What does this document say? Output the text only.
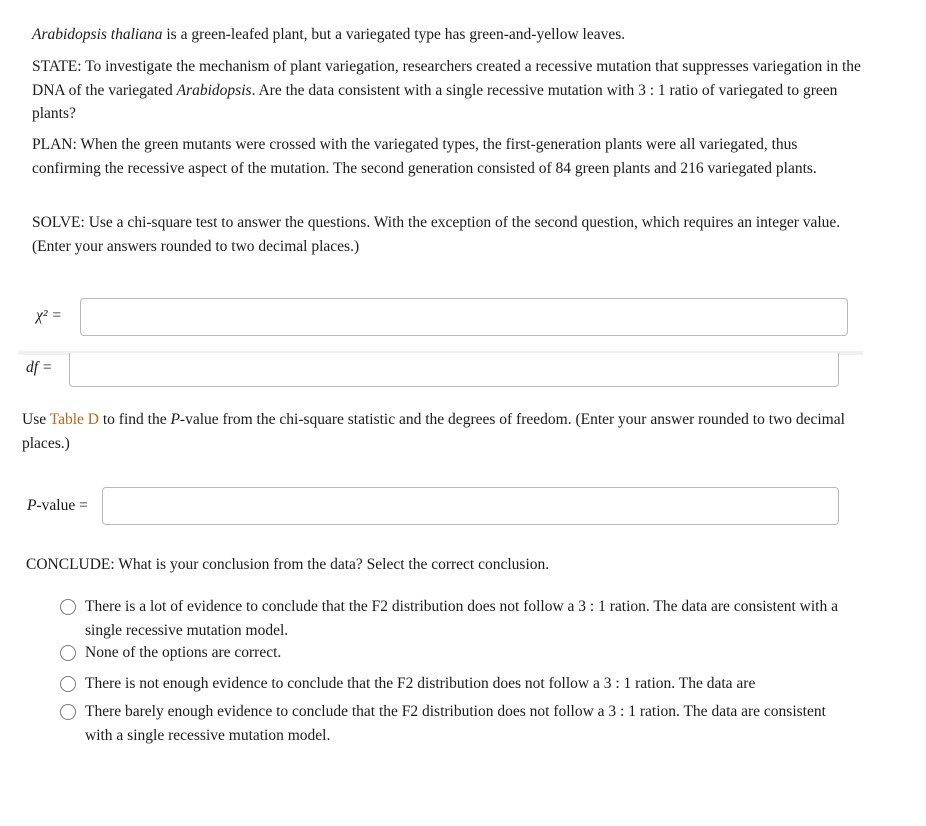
Arabidopsis thaliana is a green-leafed plant, but a variegated type has green-and-yellow leaves.

STATE: To investigate the mechanism of plant variegation, researchers created a recessive mutation that suppresses variegation in the DNA of the variegated Arabidopsis. Are the data consistent with a single recessive mutation with 3 : 1 ratio of variegated to green plants?

PLAN: When the green mutants were crossed with the variegated types, the first-generation plants were all variegated, thus confirming the recessive aspect of the mutation. The second generation consisted of 84 green plants and 216 variegated plants.

SOLVE: Use a chi-square test to answer the questions. With the exception of the second question, which requires an integer value. (Enter your answers rounded to two decimal places.)

χ² =
df =

Use Table D to find the P-value from the chi-square statistic and the degrees of freedom. (Enter your answer rounded to two decimal places.)

P-value =

CONCLUDE: What is your conclusion from the data? Select the correct conclusion.

There is a lot of evidence to conclude that the F2 distribution does not follow a 3 : 1 ration. The data are consistent with a single recessive mutation model.
None of the options are correct.
There is not enough evidence to conclude that the F2 distribution does not follow a 3 : 1 ration. The data are
There barely enough evidence to conclude that the F2 distribution does not follow a 3 : 1 ration. The data are consistent with a single recessive mutation model.
